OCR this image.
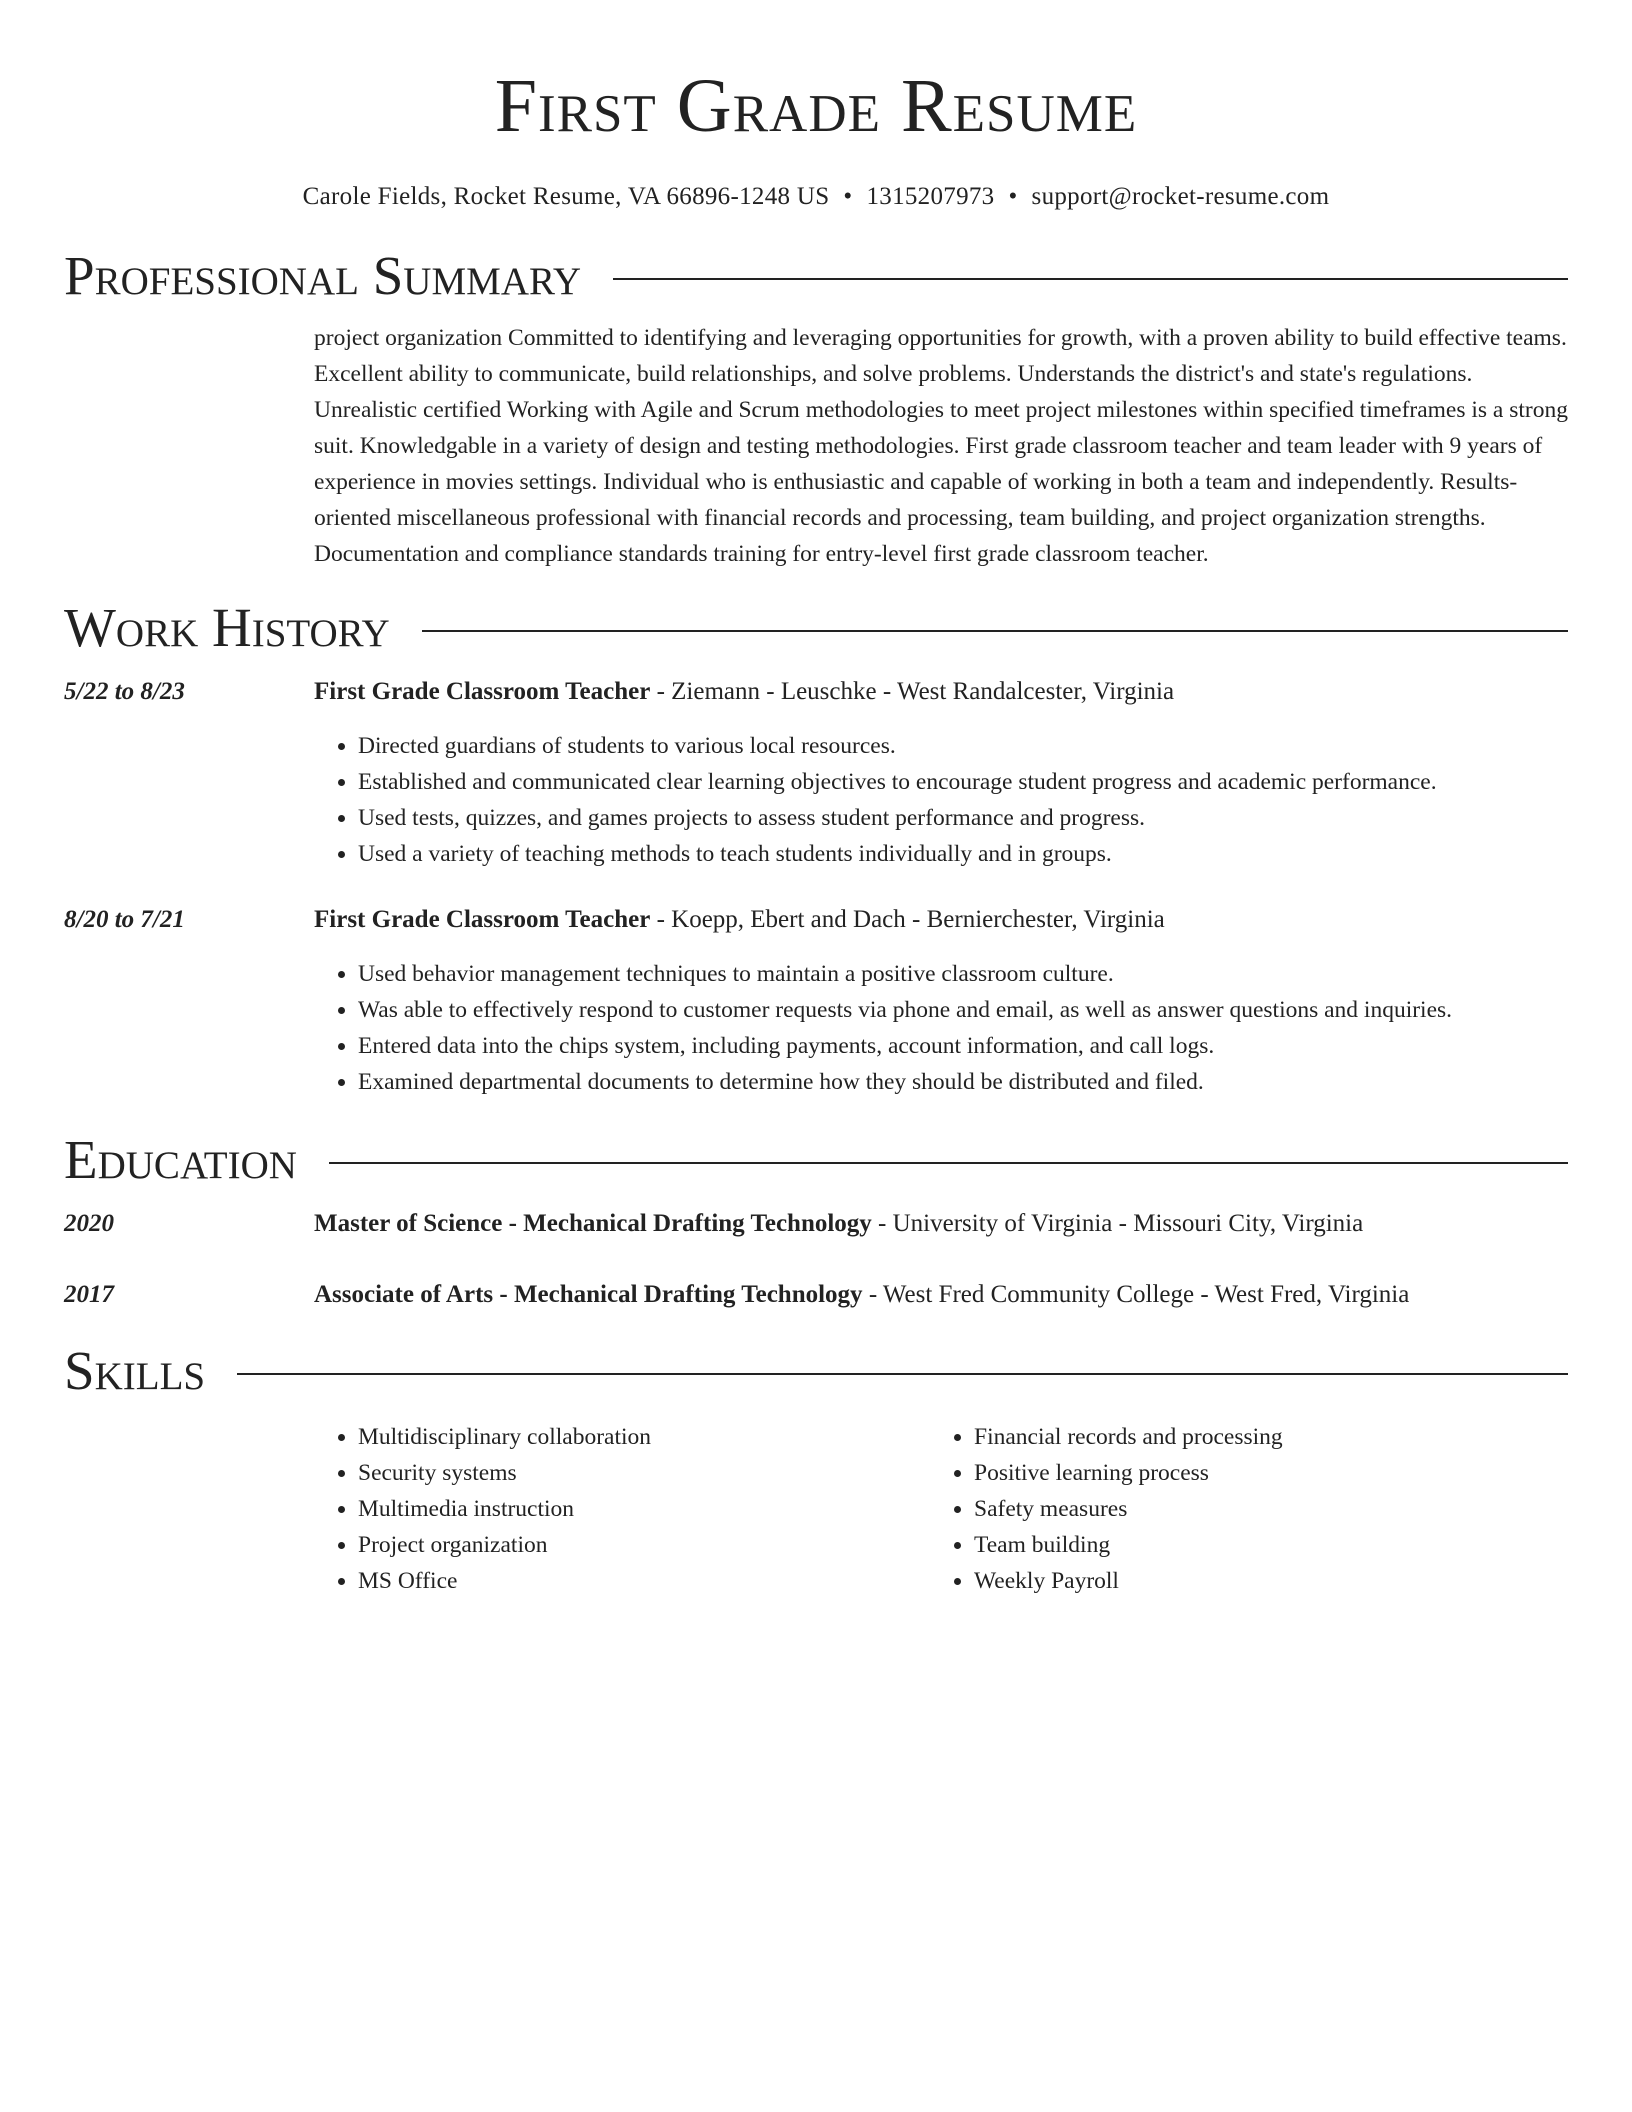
First Grade Resume
Carole Fields, Rocket Resume, VA 66896-1248 US • 1315207973 • support@rocket-resume.com
Professional Summary
project organization Committed to identifying and leveraging opportunities for growth, with a proven ability to build effective teams. Excellent ability to communicate, build relationships, and solve problems. Understands the district's and state's regulations. Unrealistic certified Working with Agile and Scrum methodologies to meet project milestones within specified timeframes is a strong suit. Knowledgable in a variety of design and testing methodologies. First grade classroom teacher and team leader with 9 years of experience in movies settings. Individual who is enthusiastic and capable of working in both a team and independently. Results-oriented miscellaneous professional with financial records and processing, team building, and project organization strengths. Documentation and compliance standards training for entry-level first grade classroom teacher.
Work History
5/22 to 8/23	First Grade Classroom Teacher - Ziemann - Leuschke - West Randalcester, Virginia
• Directed guardians of students to various local resources.
• Established and communicated clear learning objectives to encourage student progress and academic performance.
• Used tests, quizzes, and games projects to assess student performance and progress.
• Used a variety of teaching methods to teach students individually and in groups.
8/20 to 7/21	First Grade Classroom Teacher - Koepp, Ebert and Dach - Bernierchester, Virginia
• Used behavior management techniques to maintain a positive classroom culture.
• Was able to effectively respond to customer requests via phone and email, as well as answer questions and inquiries.
• Entered data into the chips system, including payments, account information, and call logs.
• Examined departmental documents to determine how they should be distributed and filed.
Education
2020	Master of Science - Mechanical Drafting Technology - University of Virginia - Missouri City, Virginia
2017	Associate of Arts - Mechanical Drafting Technology - West Fred Community College - West Fred, Virginia
Skills
• Multidisciplinary collaboration
• Security systems
• Multimedia instruction
• Project organization
• MS Office
• Financial records and processing
• Positive learning process
• Safety measures
• Team building
• Weekly Payroll
